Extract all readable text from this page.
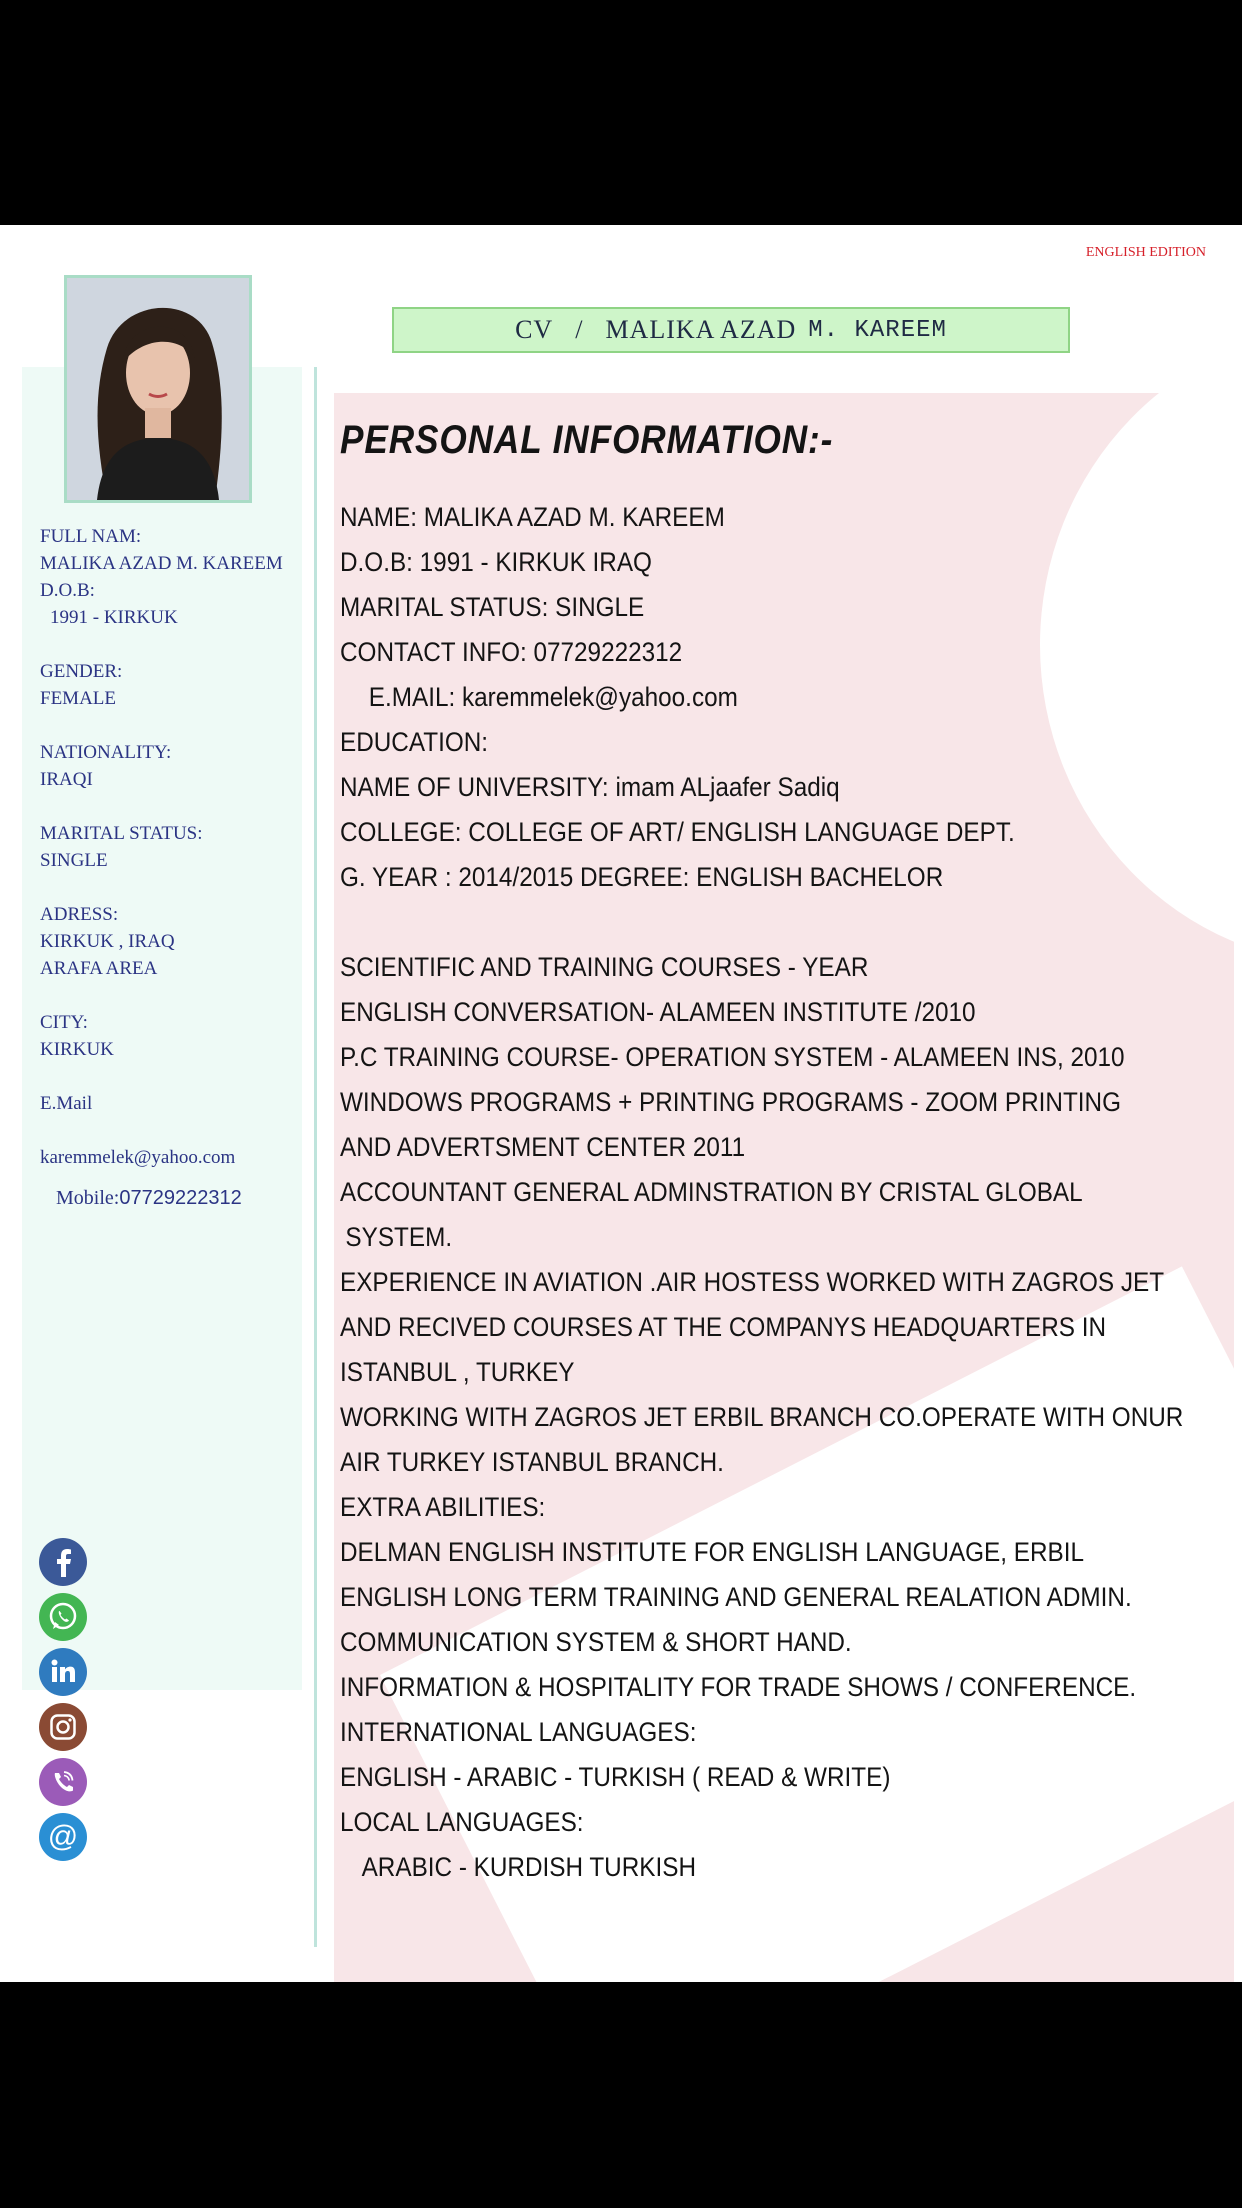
ENGLISH EDITION
CV / MALIKA AZAD M. KAREEM
FULL NAM:
MALIKA AZAD M. KAREEM
D.O.B:
1991 - KIRKUK
GENDER:
FEMALE
NATIONALITY:
IRAQI
MARITAL STATUS:
SINGLE
ADRESS:
KIRKUK , IRAQ
ARAFA AREA
CITY:
KIRKUK
E.Mail
karemmelek@yahoo.com
Mobile:07729222312
@
PERSONAL INFORMATION:-
NAME: MALIKA AZAD M. KAREEM
D.O.B: 1991 - KIRKUK IRAQ
MARITAL STATUS: SINGLE
CONTACT INFO: 07729222312
E.MAIL: karemmelek@yahoo.com
EDUCATION:
NAME OF UNIVERSITY: imam ALjaafer Sadiq
COLLEGE: COLLEGE OF ART/ ENGLISH LANGUAGE DEPT.
G. YEAR : 2014/2015 DEGREE: ENGLISH BACHELOR
SCIENTIFIC AND TRAINING COURSES - YEAR
ENGLISH CONVERSATION- ALAMEEN INSTITUTE /2010
P.C TRAINING COURSE- OPERATION SYSTEM - ALAMEEN INS, 2010
WINDOWS PROGRAMS + PRINTING PROGRAMS - ZOOM PRINTING
AND ADVERTSMENT CENTER 2011
ACCOUNTANT GENERAL ADMINSTRATION BY CRISTAL GLOBAL
SYSTEM.
EXPERIENCE IN AVIATION .AIR HOSTESS WORKED WITH ZAGROS JET
AND RECIVED COURSES AT THE COMPANYS HEADQUARTERS IN
ISTANBUL , TURKEY
WORKING WITH ZAGROS JET ERBIL BRANCH CO.OPERATE WITH ONUR
AIR TURKEY ISTANBUL BRANCH.
EXTRA ABILITIES:
DELMAN ENGLISH INSTITUTE FOR ENGLISH LANGUAGE, ERBIL
ENGLISH LONG TERM TRAINING AND GENERAL REALATION ADMIN.
COMMUNICATION SYSTEM & SHORT HAND.
INFORMATION & HOSPITALITY FOR TRADE SHOWS / CONFERENCE.
INTERNATIONAL LANGUAGES:
ENGLISH - ARABIC - TURKISH ( READ & WRITE)
LOCAL LANGUAGES:
ARABIC - KURDISH TURKISH
